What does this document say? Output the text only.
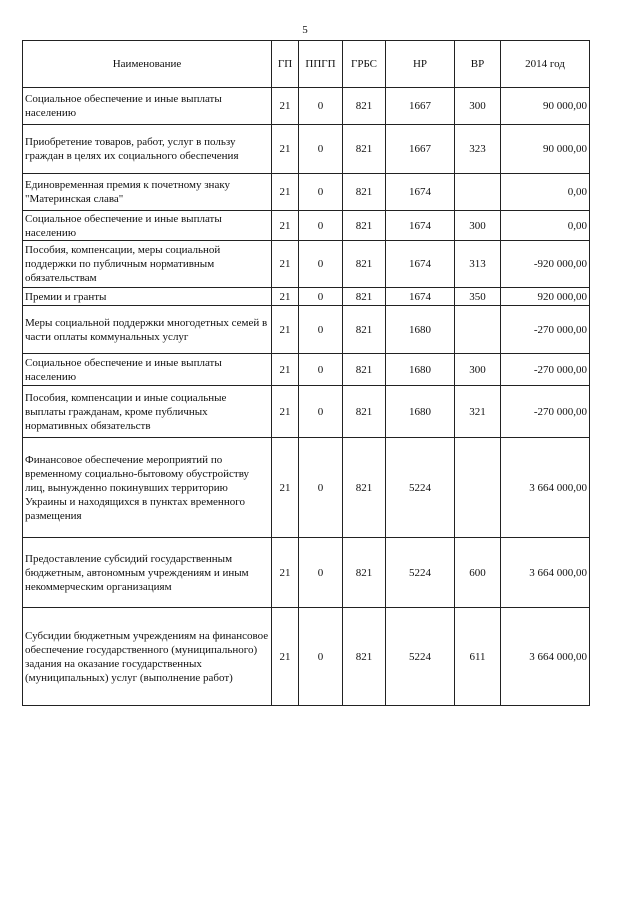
5
Наименование	ГП	ППГП	ГРБС	НР	ВР	2014 год
Социальное обеспечение и иные выплаты населению	21	0	821	1667	300	90 000,00
Приобретение товаров, работ, услуг в пользу граждан в целях их социального обеспечения	21	0	821	1667	323	90 000,00
Единовременная премия к почетному знаку "Материнская слава"	21	0	821	1674		0,00
Социальное обеспечение и иные выплаты населению	21	0	821	1674	300	0,00
Пособия, компенсации, меры социальной поддержки по публичным нормативным обязательствам	21	0	821	1674	313	-920 000,00
Премии и гранты	21	0	821	1674	350	920 000,00
Меры социальной поддержки многодетных семей в части оплаты коммунальных услуг	21	0	821	1680		-270 000,00
Социальное обеспечение и иные выплаты населению	21	0	821	1680	300	-270 000,00
Пособия, компенсации и иные социальные выплаты гражданам, кроме публичных нормативных обязательств	21	0	821	1680	321	-270 000,00
Финансовое обеспечение мероприятий по временному социально-бытовому обустройству лиц, вынужденно покинувших территорию Украины и находящихся в пунктах временного размещения	21	0	821	5224		3 664 000,00
Предоставление субсидий государственным бюджетным, автономным учреждениям и иным некоммерческим организациям	21	0	821	5224	600	3 664 000,00
Субсидии бюджетным учреждениям на финансовое обеспечение государственного (муниципального) задания на оказание государственных (муниципальных) услуг (выполнение работ)	21	0	821	5224	611	3 664 000,00
